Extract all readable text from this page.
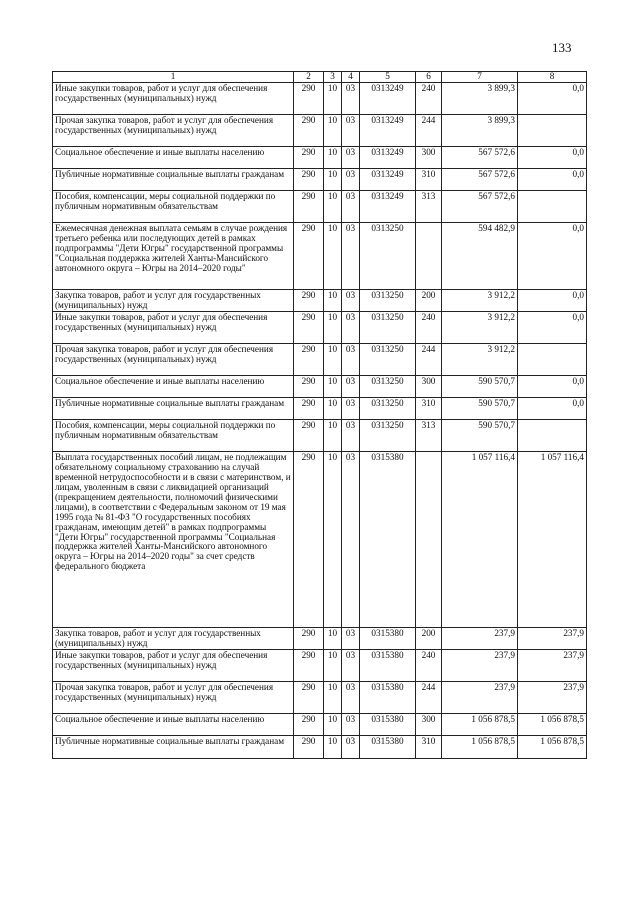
133
1	2	3	4	5	6	7	8
Иные закупки товаров, работ и услуг для обеспечения государственных (муниципальных) нужд	290	10	03	0313249	240	3 899,3	0,0
Прочая закупка товаров, работ и услуг для обеспечения государственных (муниципальных) нужд	290	10	03	0313249	244	3 899,3	
Социальное обеспечение и иные выплаты населению	290	10	03	0313249	300	567 572,6	0,0
Публичные нормативные социальные выплаты гражданам	290	10	03	0313249	310	567 572,6	0,0
Пособия, компенсации, меры социальной поддержки по публичным нормативным обязательствам	290	10	03	0313249	313	567 572,6	
Ежемесячная денежная выплата семьям в случае рождения третьего ребенка или последующих детей в рамках подпрограммы "Дети Югры" государственной программы "Социальная поддержка жителей Ханты-Мансийского автономного округа – Югры на 2014–2020 годы"	290	10	03	0313250		594 482,9	0,0
Закупка товаров, работ и услуг для государственных (муниципальных) нужд	290	10	03	0313250	200	3 912,2	0,0
Иные закупки товаров, работ и услуг для обеспечения государственных (муниципальных) нужд	290	10	03	0313250	240	3 912,2	0,0
Прочая закупка товаров, работ и услуг для обеспечения государственных (муниципальных) нужд	290	10	03	0313250	244	3 912,2	
Социальное обеспечение и иные выплаты населению	290	10	03	0313250	300	590 570,7	0,0
Публичные нормативные социальные выплаты гражданам	290	10	03	0313250	310	590 570,7	0,0
Пособия, компенсации, меры социальной поддержки по публичным нормативным обязательствам	290	10	03	0313250	313	590 570,7	
Выплата государственных пособий лицам, не подлежащим обязательному социальному страхованию на случай временной нетрудоспособности и в связи с материнством, и лицам, уволенным в связи с ликвидацией организаций (прекращением деятельности, полномочий физическими лицами), в соответствии с Федеральным законом от 19 мая 1995 года № 81-ФЗ "О государственных пособиях гражданам, имеющим детей" в рамках подпрограммы "Дети Югры" государственной программы "Социальная поддержка жителей Ханты-Мансийского автономного округа – Югры на 2014–2020 годы" за счет средств федерального бюджета	290	10	03	0315380		1 057 116,4	1 057 116,4
Закупка товаров, работ и услуг для государственных (муниципальных) нужд	290	10	03	0315380	200	237,9	237,9
Иные закупки товаров, работ и услуг для обеспечения государственных (муниципальных) нужд	290	10	03	0315380	240	237,9	237,9
Прочая закупка товаров, работ и услуг для обеспечения государственных (муниципальных) нужд	290	10	03	0315380	244	237,9	237,9
Социальное обеспечение и иные выплаты населению	290	10	03	0315380	300	1 056 878,5	1 056 878,5
Публичные нормативные социальные выплаты гражданам	290	10	03	0315380	310	1 056 878,5	1 056 878,5
